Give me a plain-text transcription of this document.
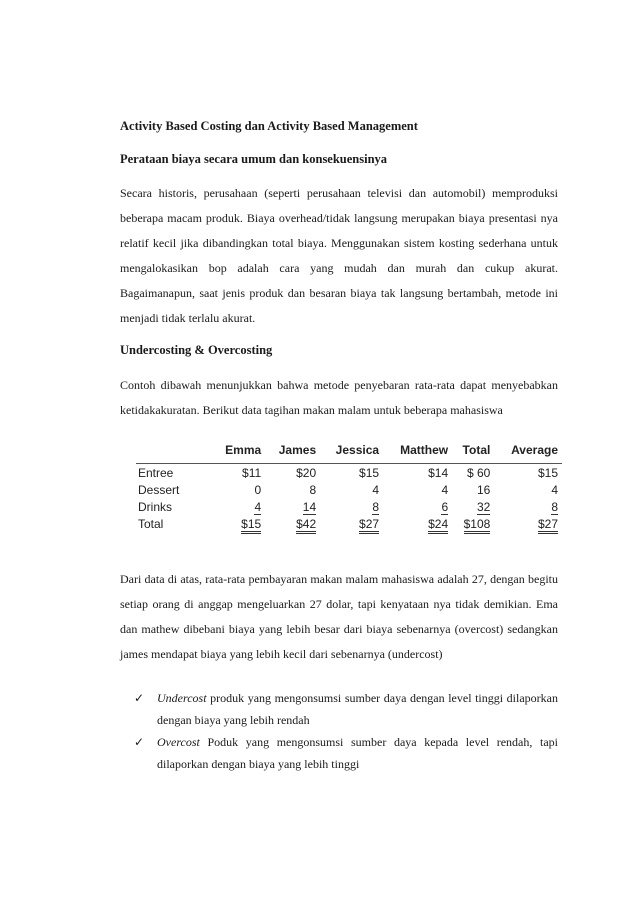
Activity Based Costing dan Activity Based Management
Perataan biaya secara umum dan konsekuensinya

Secara historis, perusahaan (seperti perusahaan televisi dan automobil) memproduksi beberapa macam produk. Biaya overhead/tidak langsung merupakan biaya presentasi nya relatif kecil jika dibandingkan total biaya. Menggunakan sistem kosting sederhana untuk mengalokasikan bop adalah cara yang mudah dan murah dan cukup akurat. Bagaimanapun, saat jenis produk dan besaran biaya tak langsung bertambah, metode ini menjadi tidak terlalu akurat.

Undercosting & Overcosting

Contoh dibawah menunjukkan bahwa metode penyebaran rata-rata dapat menyebabkan ketidakakuratan. Berikut data tagihan makan malam untuk beberapa mahasiswa

	Emma	James	Jessica	Matthew	Total	Average
Entree	$11	$20	$15	$14	$ 60	$15
Dessert	0	8	4	4	16	4
Drinks	4	14	8	6	32	8
Total	$15	$42	$27	$24	$108	$27

Dari data di atas, rata-rata pembayaran makan malam mahasiswa adalah 27, dengan begitu setiap orang di anggap mengeluarkan 27 dolar, tapi kenyataan nya tidak demikian. Ema dan mathew dibebani biaya yang lebih besar dari biaya sebenarnya (overcost) sedangkan james mendapat biaya yang lebih kecil dari sebenarnya (undercost)

✓ Undercost produk yang mengonsumsi sumber daya dengan level tinggi dilaporkan dengan biaya yang lebih rendah
✓ Overcost Poduk yang mengonsumsi sumber daya kepada level rendah, tapi dilaporkan dengan biaya yang lebih tinggi
